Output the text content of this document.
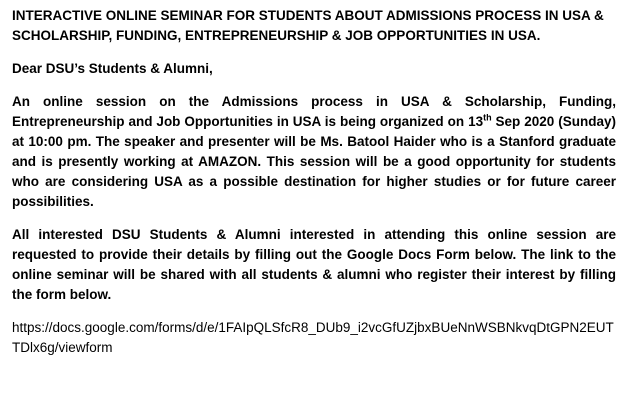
INTERACTIVE ONLINE SEMINAR FOR STUDENTS ABOUT ADMISSIONS PROCESS IN USA & SCHOLARSHIP, FUNDING, ENTREPRENEURSHIP & JOB OPPORTUNITIES IN USA.
Dear DSU’s Students & Alumni,
An online session on the Admissions process in USA & Scholarship, Funding, Entrepreneurship and Job Opportunities in USA is being organized on 13th Sep 2020 (Sunday) at 10:00 pm. The speaker and presenter will be Ms. Batool Haider who is a Stanford graduate and is presently working at AMAZON. This session will be a good opportunity for students who are considering USA as a possible destination for higher studies or for future career possibilities.
All interested DSU Students & Alumni interested in attending this online session are requested to provide their details by filling out the Google Docs Form below. The link to the online seminar will be shared with all students & alumni who register their interest by filling the form below.
https://docs.google.com/forms/d/e/1FAIpQLSfcR8_DUb9_i2vcGfUZjbxBUeNnWSBNkvqDtGPN2EUTTDlx6g/viewform
